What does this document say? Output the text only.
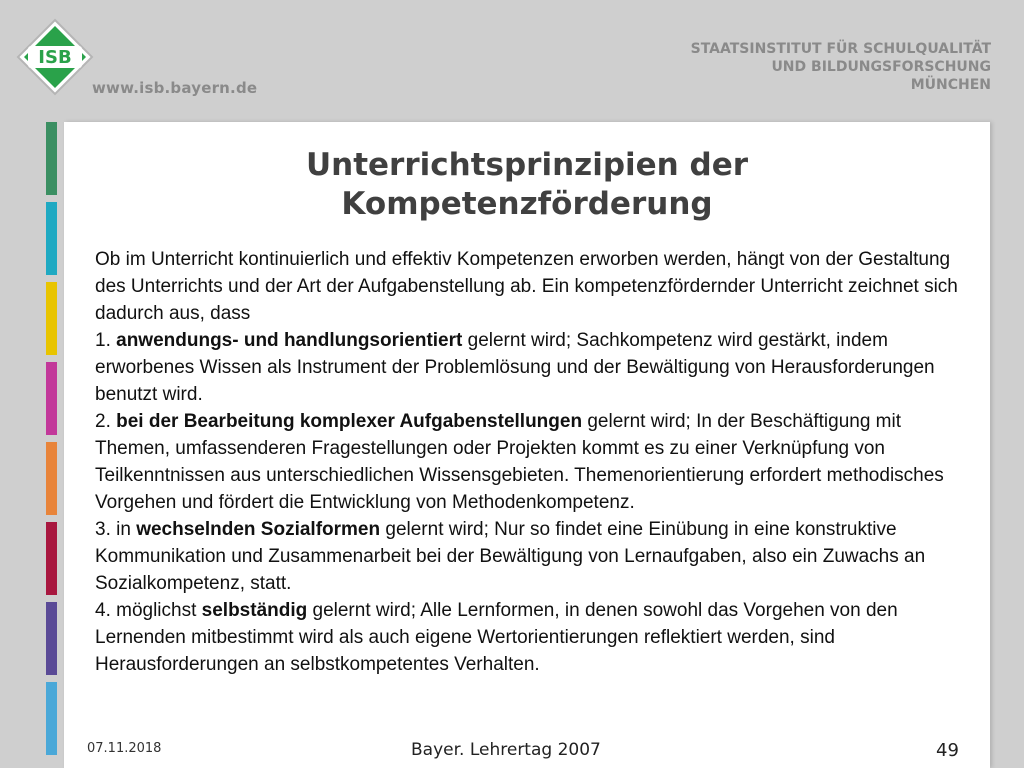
ISB
www.isb.bayern.de
STAATSINSTITUT FÜR SCHULQUALITÄT
UND BILDUNGSFORSCHUNG
MÜNCHEN
Unterrichtsprinzipien der
Kompetenzförderung

Ob im Unterricht kontinuierlich und effektiv Kompetenzen erworben werden, hängt von der Gestaltung des Unterrichts und der Art der Aufgabenstellung ab. Ein kompetenzfördernder Unterricht zeichnet sich dadurch aus, dass

1. anwendungs- und handlungsorientiert gelernt wird; Sachkompetenz wird gestärkt, indem erworbenes Wissen als Instrument der Problemlösung und der Bewältigung von Herausforderungen benutzt wird.

2. bei der Bearbeitung komplexer Aufgabenstellungen gelernt wird; In der Beschäftigung mit Themen, umfassenderen Fragestellungen oder Projekten kommt es zu einer Verknüpfung von Teilkenntnissen aus unterschiedlichen Wissensgebieten. Themenorientierung erfordert methodisches Vorgehen und fördert die Entwicklung von Methodenkompetenz.

3. in wechselnden Sozialformen gelernt wird; Nur so findet eine Einübung in eine konstruktive Kommunikation und Zusammenarbeit bei der Bewältigung von Lernaufgaben, also ein Zuwachs an Sozialkompetenz, statt.

4. möglichst selbständig gelernt wird; Alle Lernformen, in denen sowohl das Vorgehen von den Lernenden mitbestimmt wird als auch eigene Wertorientierungen reflektiert werden, sind Herausforderungen an selbstkompetentes Verhalten.

07.11.2018	Bayer. Lehrertag 2007	49
